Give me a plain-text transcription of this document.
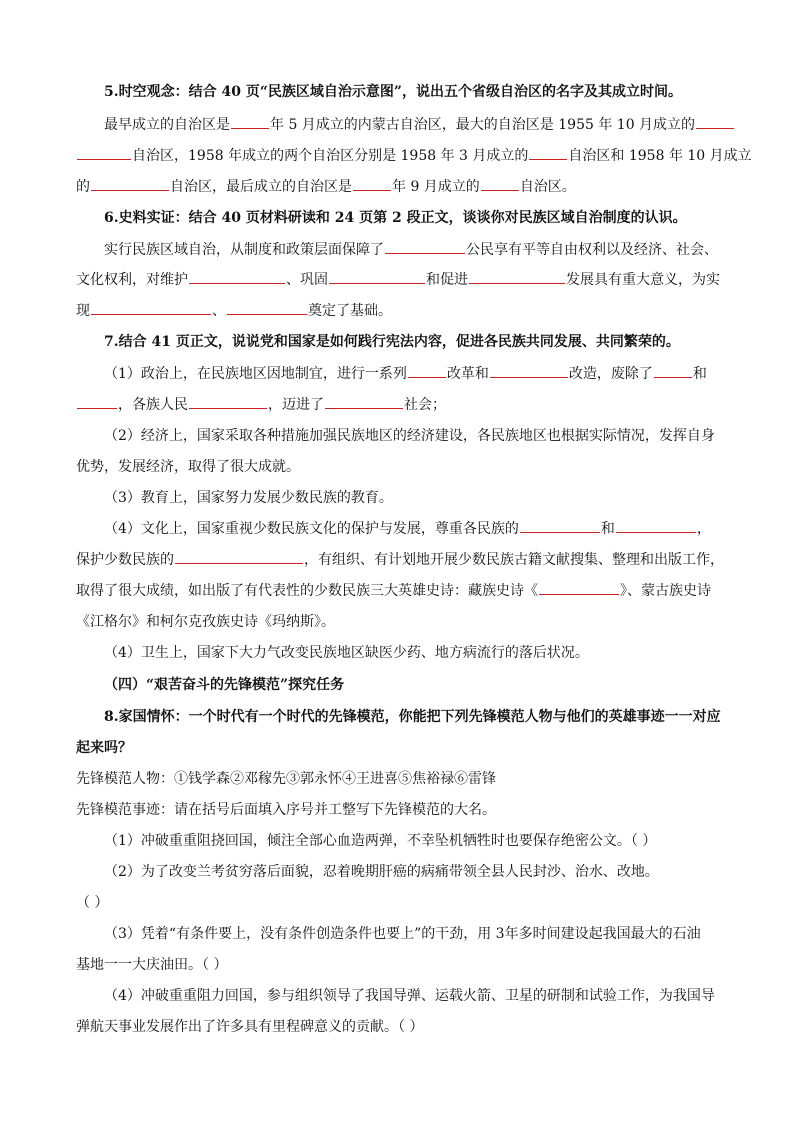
5.时空观念：结合 40 页“民族区域自治示意图”，说出五个省级自治区的名字及其成立时间。
最早成立的自治区是	年 5 月成立的内蒙古自治区，最大的自治区是 1955 年 10 月成立的
自治区，1958 年成立的两个自治区分别是 1958 年 3 月成立的	自治区和 1958 年 10 月成立
的	自治区，最后成立的自治区是	年 9 月成立的	自治区。
6.史料实证：结合 40 页材料研读和 24 页第 2 段正文，谈谈你对民族区域自治制度的认识。
实行民族区域自治，从制度和政策层面保障了	公民享有平等自由权利以及经济、社会、
文化权利，对维护	、巩固	和促进	发展具有重大意义，为实
现	、	奠定了基础。
7.结合 41 页正文，说说党和国家是如何践行宪法内容，促进各民族共同发展、共同繁荣的。
（1）政治上，在民族地区因地制宜，进行一系列	改革和	改造，废除了	和
，各族人民	，迈进了	社会；
（2）经济上，国家采取各种措施加强民族地区的经济建设，各民族地区也根据实际情况，发挥自身
优势，发展经济，取得了很大成就。
（3）教育上，国家努力发展少数民族的教育。
（4）文化上，国家重视少数民族文化的保护与发展，尊重各民族的	和	，
保护少数民族的	，有组织、有计划地开展少数民族古籍文献搜集、整理和出版工作，
取得了很大成绩，如出版了有代表性的少数民族三大英雄史诗：藏族史诗《	》、蒙古族史诗
《江格尔》和柯尔克孜族史诗《玛纳斯》。
（4）卫生上，国家下大力气改变民族地区缺医少药、地方病流行的落后状况。
（四）“艰苦奋斗的先锋模范”探究任务
8.家国情怀：一个时代有一个时代的先锋模范，你能把下列先锋模范人物与他们的英雄事迹一一对应
起来吗？
先锋模范人物：①钱学森②邓稼先③郭永怀④王进喜⑤焦裕禄⑥雷锋
先锋模范事迹：请在括号后面填入序号并工整写下先锋模范的大名。
（1）冲破重重阻挠回国，倾注全部心血造两弹，不幸坠机牺牲时也要保存绝密公文。（ ）
（2）为了改变兰考贫穷落后面貌，忍着晚期肝癌的病痛带领全县人民封沙、治水、改地。
（ ）
（3）凭着“有条件要上，没有条件创造条件也要上”的干劲，用 3年多时间建设起我国最大的石油
基地一一大庆油田。（ ）
（4）冲破重重阻力回国，参与组织领导了我国导弹、运载火箭、卫星的研制和试验工作，为我国导
弹航天事业发展作出了许多具有里程碑意义的贡献。（ ）
